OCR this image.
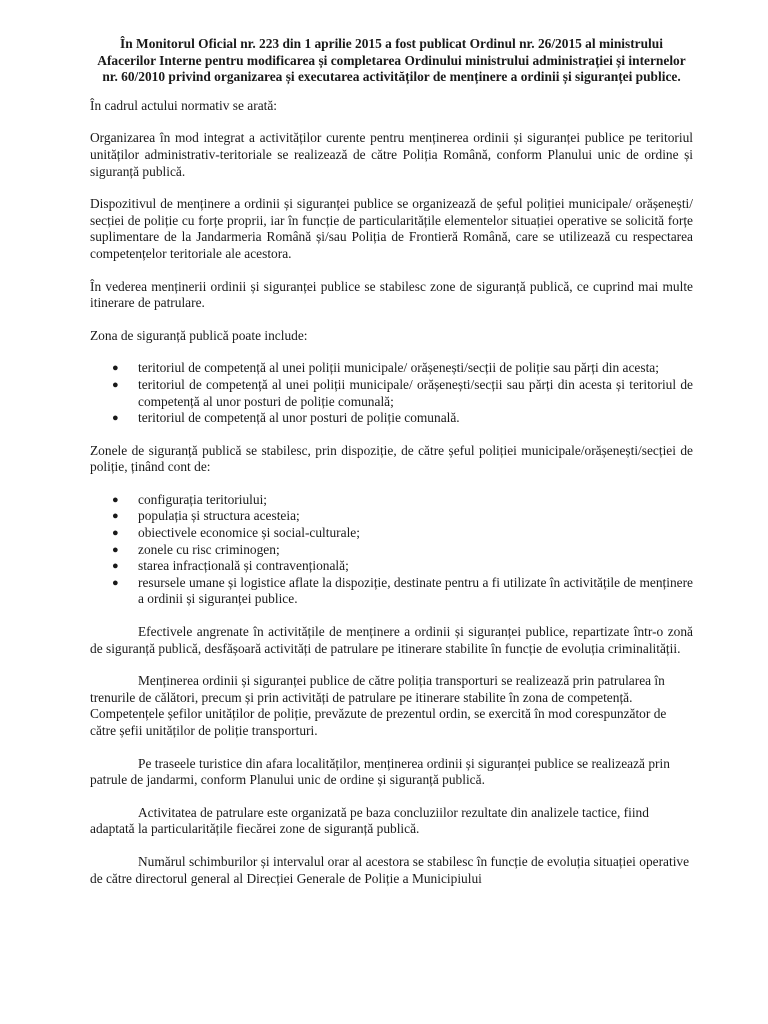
În Monitorul Oficial nr. 223 din 1 aprilie 2015 a fost publicat Ordinul nr. 26/2015 al ministrului Afacerilor Interne pentru modificarea și completarea Ordinului ministrului administrației și internelor nr. 60/2010 privind organizarea și executarea activităților de menținere a ordinii și siguranței publice.

În cadrul actului normativ se arată:

Organizarea în mod integrat a activităților curente pentru menținerea ordinii și siguranței publice pe teritoriul unităților administrativ-teritoriale se realizează de către Poliția Română, conform Planului unic de ordine și siguranță publică.

Dispozitivul de menținere a ordinii și siguranței publice se organizează de șeful poliției municipale/ orășenești/ secției de poliție cu forțe proprii, iar în funcție de particularitățile elementelor situației operative se solicită forțe suplimentare de la Jandarmeria Română și/sau Poliția de Frontieră Română, care se utilizează cu respectarea competențelor teritoriale ale acestora.

În vederea menținerii ordinii și siguranței publice se stabilesc zone de siguranță publică, ce cuprind mai multe itinerare de patrulare.

Zona de siguranță publică poate include:

● teritoriul de competență al unei poliții municipale/ orășenești/secții de poliție sau părți din acesta;
● teritoriul de competență al unei poliții municipale/ orășenești/secții sau părți din acesta și teritoriul de competență al unor posturi de poliție comunală;
● teritoriul de competență al unor posturi de poliție comunală.

Zonele de siguranță publică se stabilesc, prin dispoziție, de către șeful poliției municipale/orășenești/secției de poliție, ținând cont de:

● configurația teritoriului;
● populația și structura acesteia;
● obiectivele economice și social-culturale;
● zonele cu risc criminogen;
● starea infracțională și contravențională;
● resursele umane și logistice aflate la dispoziție, destinate pentru a fi utilizate în activitățile de menținere a ordinii și siguranței publice.

Efectivele angrenate în activitățile de menținere a ordinii și siguranței publice, repartizate într-o zonă de siguranță publică, desfășoară activități de patrulare pe itinerare stabilite în funcție de evoluția criminalității.

Menținerea ordinii și siguranței publice de către poliția transporturi se realizează prin patrularea în trenurile de călători, precum și prin activități de patrulare pe itinerare stabilite în zona de competență. Competențele șefilor unităților de poliție, prevăzute de prezentul ordin, se exercită în mod corespunzător de către șefii unităților de poliție transporturi.

Pe traseele turistice din afara localităților, menținerea ordinii și siguranței publice se realizează prin patrule de jandarmi, conform Planului unic de ordine și siguranță publică.

Activitatea de patrulare este organizată pe baza concluziilor rezultate din analizele tactice, fiind adaptată la particularitățile fiecărei zone de siguranță publică.

Numărul schimburilor și intervalul orar al acestora se stabilesc în funcție de evoluția situației operative de către directorul general al Direcției Generale de Poliție a Municipiului
